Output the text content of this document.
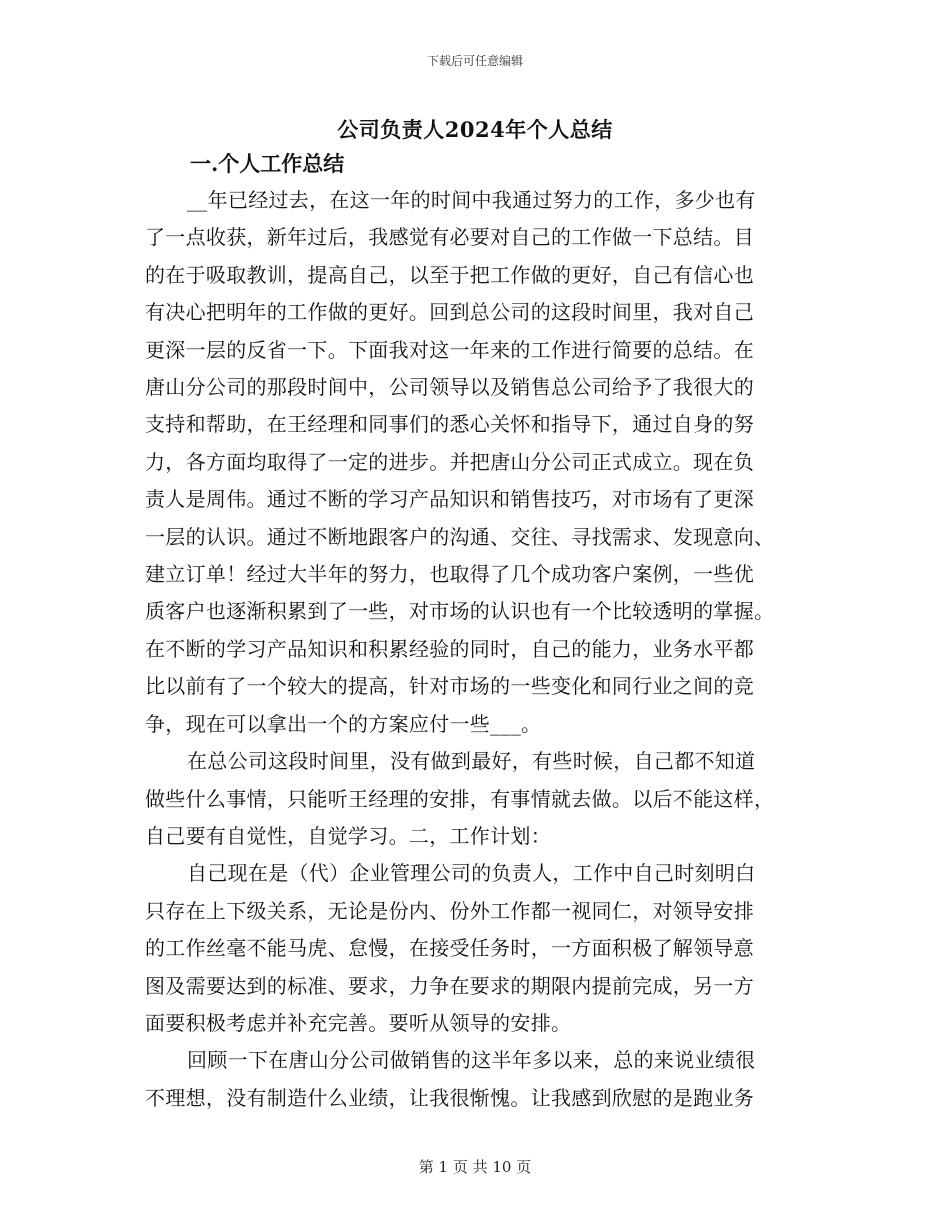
下载后可任意编辑
公司负责人2024年个人总结
一.个人工作总结
__年已经过去，在这一年的时间中我通过努力的工作，多少也有
了一点收获，新年过后，我感觉有必要对自己的工作做一下总结。目
的在于吸取教训，提高自己，以至于把工作做的更好，自己有信心也
有决心把明年的工作做的更好。回到总公司的这段时间里，我对自己
更深一层的反省一下。下面我对这一年来的工作进行简要的总结。在
唐山分公司的那段时间中，公司领导以及销售总公司给予了我很大的
支持和帮助，在王经理和同事们的悉心关怀和指导下，通过自身的努
力，各方面均取得了一定的进步。并把唐山分公司正式成立。现在负
责人是周伟。通过不断的学习产品知识和销售技巧，对市场有了更深
一层的认识。通过不断地跟客户的沟通、交往、寻找需求、发现意向、
建立订单！经过大半年的努力，也取得了几个成功客户案例，一些优
质客户也逐渐积累到了一些，对市场的认识也有一个比较透明的掌握。
在不断的学习产品知识和积累经验的同时，自己的能力，业务水平都
比以前有了一个较大的提高，针对市场的一些变化和同行业之间的竞
争，现在可以拿出一个的方案应付一些___。
在总公司这段时间里，没有做到最好，有些时候，自己都不知道
做些什么事情，只能听王经理的安排，有事情就去做。以后不能这样，
自己要有自觉性，自觉学习。二，工作计划：
自己现在是（代）企业管理公司的负责人，工作中自己时刻明白
只存在上下级关系，无论是份内、份外工作都一视同仁，对领导安排
的工作丝毫不能马虎、怠慢，在接受任务时，一方面积极了解领导意
图及需要达到的标准、要求，力争在要求的期限内提前完成，另一方
面要积极考虑并补充完善。要听从领导的安排。
回顾一下在唐山分公司做销售的这半年多以来，总的来说业绩很
不理想，没有制造什么业绩，让我很惭愧。让我感到欣慰的是跑业务
第 1 页 共 10 页
